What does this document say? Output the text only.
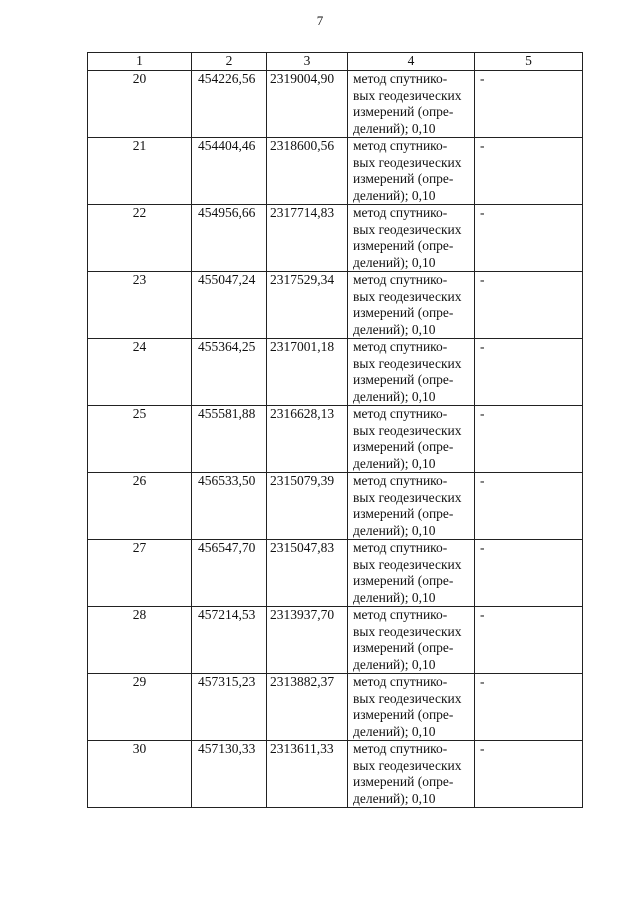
7
1	2	3	4	5
20	454226,56	2319004,90	метод спутнико-
вых геодезических
измерений (опре-
делений); 0,10	-
21	454404,46	2318600,56	метод спутнико-
вых геодезических
измерений (опре-
делений); 0,10	-
22	454956,66	2317714,83	метод спутнико-
вых геодезических
измерений (опре-
делений); 0,10	-
23	455047,24	2317529,34	метод спутнико-
вых геодезических
измерений (опре-
делений); 0,10	-
24	455364,25	2317001,18	метод спутнико-
вых геодезических
измерений (опре-
делений); 0,10	-
25	455581,88	2316628,13	метод спутнико-
вых геодезических
измерений (опре-
делений); 0,10	-
26	456533,50	2315079,39	метод спутнико-
вых геодезических
измерений (опре-
делений); 0,10	-
27	456547,70	2315047,83	метод спутнико-
вых геодезических
измерений (опре-
делений); 0,10	-
28	457214,53	2313937,70	метод спутнико-
вых геодезических
измерений (опре-
делений); 0,10	-
29	457315,23	2313882,37	метод спутнико-
вых геодезических
измерений (опре-
делений); 0,10	-
30	457130,33	2313611,33	метод спутнико-
вых геодезических
измерений (опре-
делений); 0,10	-
